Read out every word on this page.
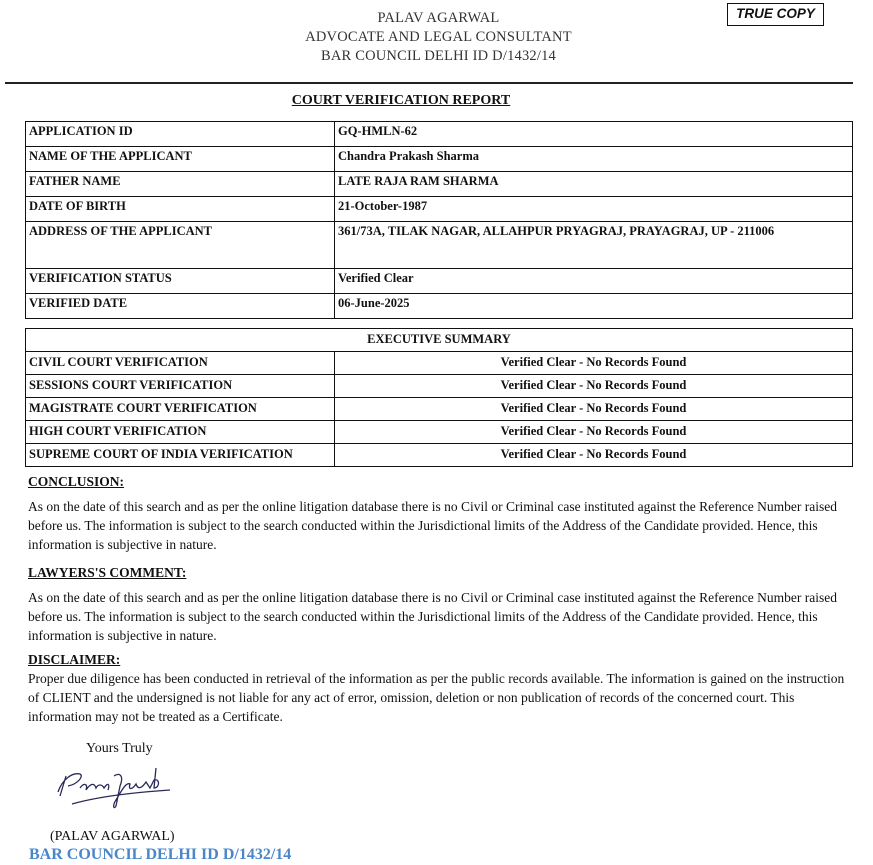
PALAV AGARWAL
ADVOCATE AND LEGAL CONSULTANT
BAR COUNCIL DELHI ID D/1432/14
TRUE COPY
COURT VERIFICATION REPORT
APPLICATION ID	GQ-HMLN-62
NAME OF THE APPLICANT	Chandra Prakash Sharma
FATHER NAME	LATE RAJA RAM SHARMA
DATE OF BIRTH	21-October-1987
ADDRESS OF THE APPLICANT	361/73A, TILAK NAGAR, ALLAHPUR PRYAGRAJ, PRAYAGRAJ, UP - 211006
VERIFICATION STATUS	Verified Clear
VERIFIED DATE	06-June-2025
EXECUTIVE SUMMARY	
CIVIL COURT VERIFICATION	Verified Clear - No Records Found
SESSIONS COURT VERIFICATION	Verified Clear - No Records Found
MAGISTRATE COURT VERIFICATION	Verified Clear - No Records Found
HIGH COURT VERIFICATION	Verified Clear - No Records Found
SUPREME COURT OF INDIA VERIFICATION	Verified Clear - No Records Found
CONCLUSION:

As on the date of this search and as per the online litigation database there is no Civil or Criminal case instituted against the Reference Number raised before us. The information is subject to the search conducted within the Jurisdictional limits of the Address of the Candidate provided. Hence, this information is subjective in nature.

LAWYERS'S COMMENT:

As on the date of this search and as per the online litigation database there is no Civil or Criminal case instituted against the Reference Number raised before us. The information is subject to the search conducted within the Jurisdictional limits of the Address of the Candidate provided. Hence, this information is subjective in nature.

DISCLAIMER:

Proper due diligence has been conducted in retrieval of the information as per the public records available. The information is gained on the instruction of CLIENT and the undersigned is not liable for any act of error, omission, deletion or non publication of records of the concerned court. This information may not be treated as a Certificate.

Yours Truly
(PALAV AGARWAL)
BAR COUNCIL DELHI ID D/1432/14
